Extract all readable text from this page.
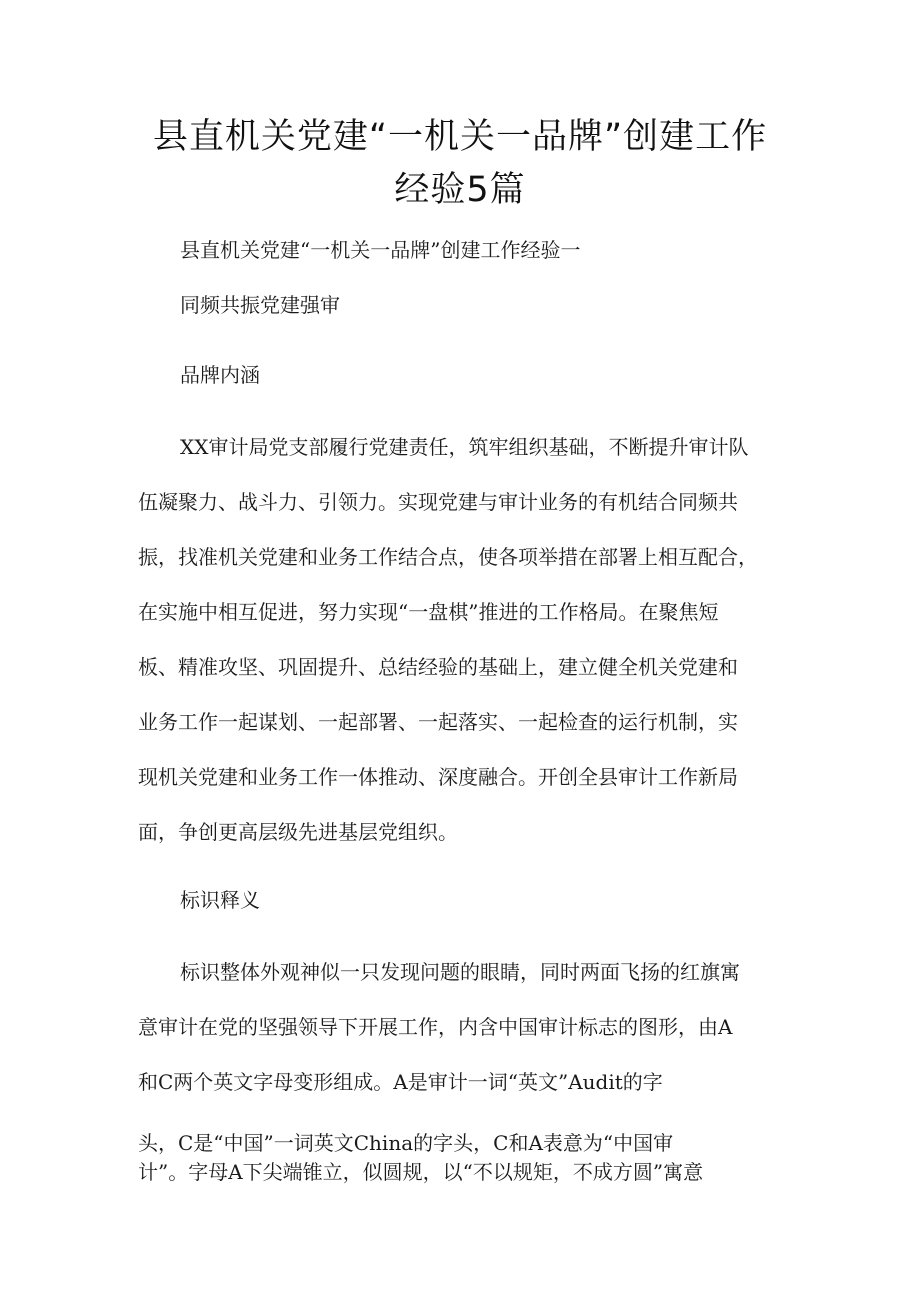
县直机关党建“一机关一品牌”创建工作
经验5篇
县直机关党建“一机关一品牌”创建工作经验一
同频共振党建强审
品牌内涵
XX审计局党支部履行党建责任，筑牢组织基础，不断提升审计队
伍凝聚力、战斗力、引领力。实现党建与审计业务的有机结合同频共
振，找准机关党建和业务工作结合点，使各项举措在部署上相互配合，
在实施中相互促进，努力实现“一盘棋”推进的工作格局。在聚焦短
板、精准攻坚、巩固提升、总结经验的基础上，建立健全机关党建和
业务工作一起谋划、一起部署、一起落实、一起检查的运行机制，实
现机关党建和业务工作一体推动、深度融合。开创全县审计工作新局
面，争创更高层级先进基层党组织。
标识释义
标识整体外观神似一只发现问题的眼睛，同时两面飞扬的红旗寓
意审计在党的坚强领导下开展工作，内含中国审计标志的图形，由A
和C两个英文字母变形组成。A是审计一词“英文”Audit的字
头，C是“中国”一词英文China的字头，C和A表意为“中国审
计”。字母A下尖端锥立，似圆规，以“不以规矩，不成方圆”寓意
